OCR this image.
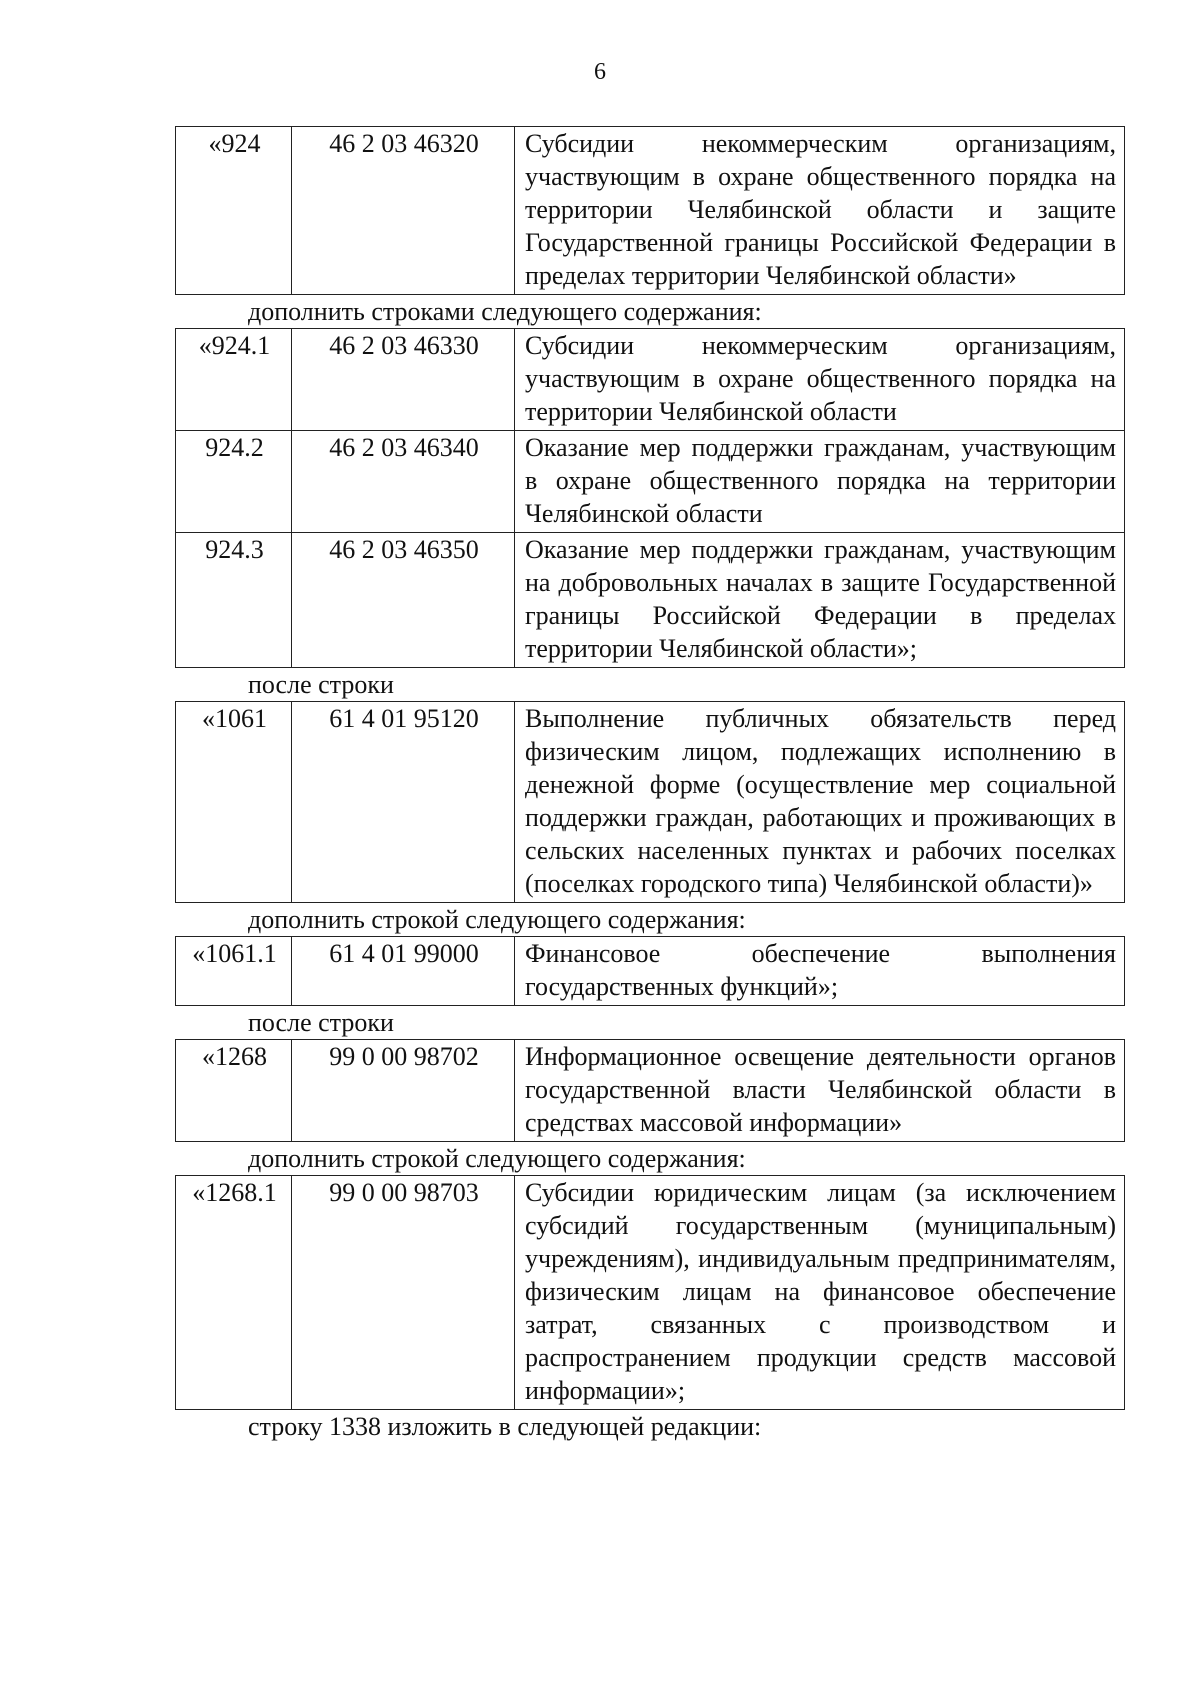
6
«924	46 2 03 46320	Субсидии некоммерческим организациям, участвующим в охране общественного порядка на территории Челябинской области и защите Государственной границы Российской Федерации в пределах территории Челябинской области»

дополнить строками следующего содержания:

«924.1	46 2 03 46330	Субсидии некоммерческим организациям, участвующим в охране общественного порядка на территории Челябинской области
924.2	46 2 03 46340	Оказание мер поддержки гражданам, участвующим в охране общественного порядка на территории Челябинской области
924.3	46 2 03 46350	Оказание мер поддержки гражданам, участвующим на добровольных началах в защите Государственной границы Российской Федерации в пределах территории Челябинской области»;

после строки

«1061	61 4 01 95120	Выполнение публичных обязательств перед физическим лицом, подлежащих исполнению в денежной форме (осуществление мер социальной поддержки граждан, работающих и проживающих в сельских населенных пунктах и рабочих поселках (поселках городского типа) Челябинской области)»

дополнить строкой следующего содержания:

«1061.1	61 4 01 99000	Финансовое обеспечение выполнения государственных функций»;

после строки

«1268	99 0 00 98702	Информационное освещение деятельности органов государственной власти Челябинской области в средствах массовой информации»

дополнить строкой следующего содержания:

«1268.1	99 0 00 98703	Субсидии юридическим лицам (за исключением субсидий государственным (муниципальным) учреждениям), индивидуальным предпринимателям, физическим лицам на финансовое обеспечение затрат, связанных с производством и распространением продукции средств массовой информации»;

строку 1338 изложить в следующей редакции:
